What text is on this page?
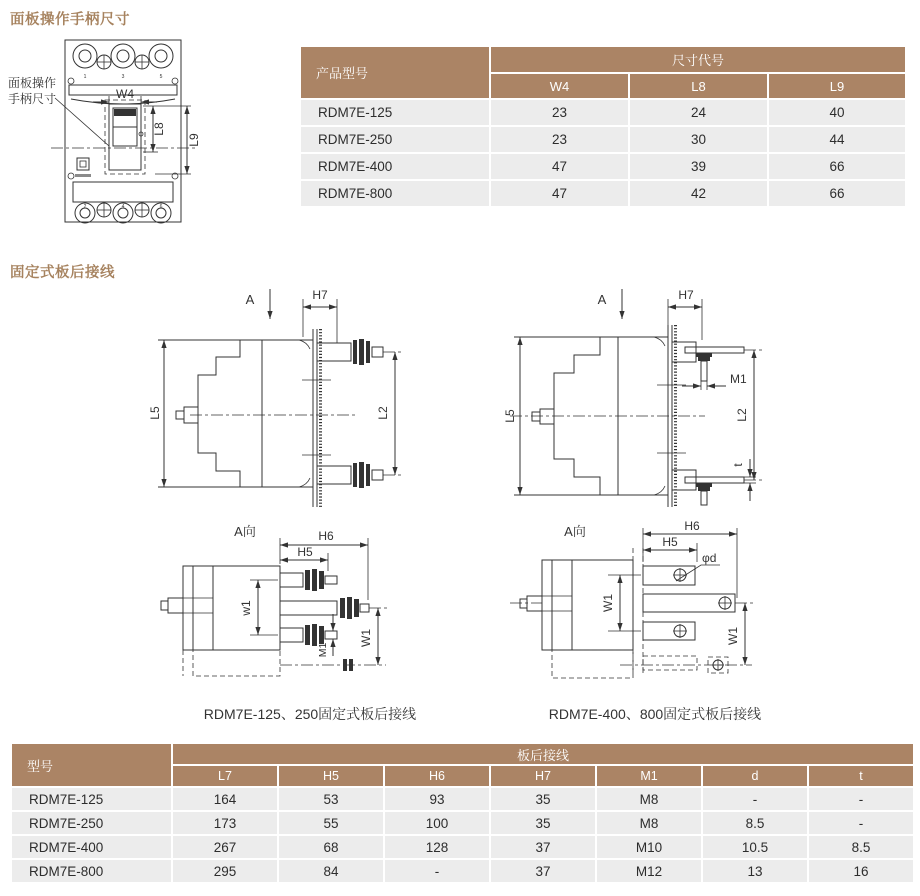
面板操作手柄尺寸
面板操作
手柄尺寸
1	3	5
2	4	6
W4
L8
L9
产品型号	尺寸代号		
	W4	L8	L9
RDM7E-125	23	24	40
RDM7E-250	23	30	44
RDM7E-400	47	39	66
RDM7E-800	47	42	66
固定式板后接线
A	H7
L5	L2
A	H7
M1
t
L5	L2
A向	H6
H5
w1
M1
W1
A向	H6
H5
φd
W1
W1
RDM7E-125、250固定式板后接线	RDM7E-400、800固定式板后接线
型号	板后接线						
	L7	H5	H6	H7	M1	d	t
RDM7E-125	164	53	93	35	M8	-	-
RDM7E-250	173	55	100	35	M8	8.5	-
RDM7E-400	267	68	128	37	M10	10.5	8.5
RDM7E-800	295	84	-	37	M12	13	16
